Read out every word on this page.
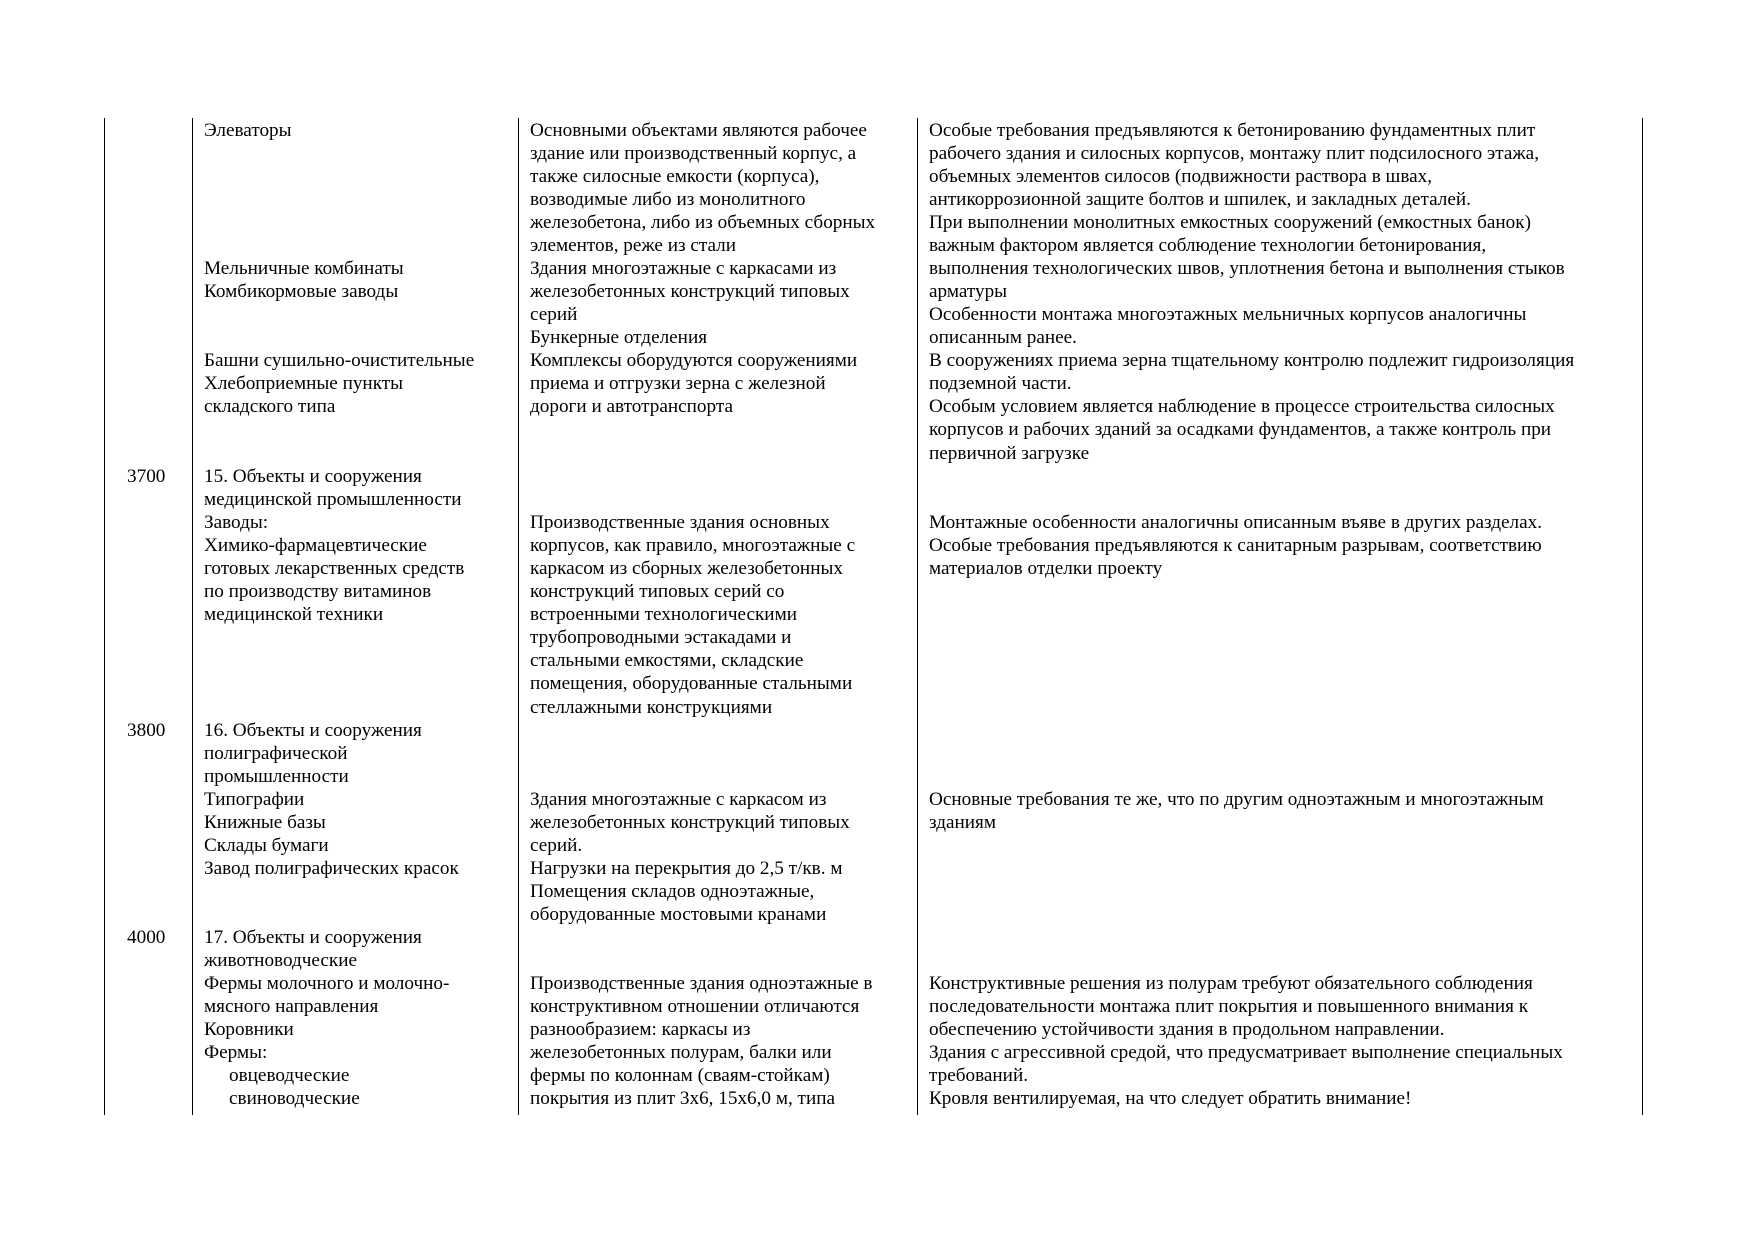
3700

3800

4000

Элеваторы

Мельничные комбинаты

Комбикормовые заводы

Башни сушильно-очистительные

Хлебоприемные пункты

складского типа

15. Объекты и сооружения

медицинской промышленности

Заводы:

Химико-фармацевтические

готовых лекарственных средств

по производству витаминов

медицинской техники

16. Объекты и сооружения

полиграфической

промышленности

Типографии

Книжные базы

Склады бумаги

Завод полиграфических красок

17. Объекты и сооружения

животноводческие

Фермы молочного и молочно-

мясного направления

Коровники

Фермы:

овцеводческие

свиноводческие

Основными объектами являются рабочее

здание или производственный корпус, а

также силосные емкости (корпуса),

возводимые либо из монолитного

железобетона, либо из объемных сборных

элементов, реже из стали

Здания многоэтажные с каркасами из

железобетонных конструкций типовых

серий

Бункерные отделения

Комплексы оборудуются сооружениями

приема и отгрузки зерна с железной

дороги и автотранспорта

Производственные здания основных

корпусов, как правило, многоэтажные с

каркасом из сборных железобетонных

конструкций типовых серий со

встроенными технологическими

трубопроводными эстакадами и

стальными емкостями, складские

помещения, оборудованные стальными

стеллажными конструкциями

Здания многоэтажные с каркасом из

железобетонных конструкций типовых

серий.

Нагрузки на перекрытия до 2,5 т/кв. м

Помещения складов одноэтажные,

оборудованные мостовыми кранами

Производственные здания одноэтажные в

конструктивном отношении отличаются

разнообразием: каркасы из

железобетонных полурам, балки или

фермы по колоннам (сваям-стойкам)

покрытия из плит 3х6, 15х6,0 м, типа

Особые требования предъявляются к бетонированию фундаментных плит

рабочего здания и силосных корпусов, монтажу плит подсилосного этажа,

объемных элементов силосов (подвижности раствора в швах,

антикоррозионной защите болтов и шпилек, и закладных деталей.

При выполнении монолитных емкостных сооружений (емкостных банок)

важным фактором является соблюдение технологии бетонирования,

выполнения технологических швов, уплотнения бетона и выполнения стыков

арматуры

Особенности монтажа многоэтажных мельничных корпусов аналогичны

описанным ранее.

В сооружениях приема зерна тщательному контролю подлежит гидроизоляция

подземной части.

Особым условием является наблюдение в процессе строительства силосных

корпусов и рабочих зданий за осадками фундаментов, а также контроль при

первичной загрузке

Монтажные особенности аналогичны описанным въяве в других разделах.

Особые требования предъявляются к санитарным разрывам, соответствию

материалов отделки проекту

Основные требования те же, что по другим одноэтажным и многоэтажным

зданиям

Конструктивные решения из полурам требуют обязательного соблюдения

последовательности монтажа плит покрытия и повышенного внимания к

обеспечению устойчивости здания в продольном направлении.

Здания с агрессивной средой, что предусматривает выполнение специальных

требований.

Кровля вентилируемая, на что следует обратить внимание!
